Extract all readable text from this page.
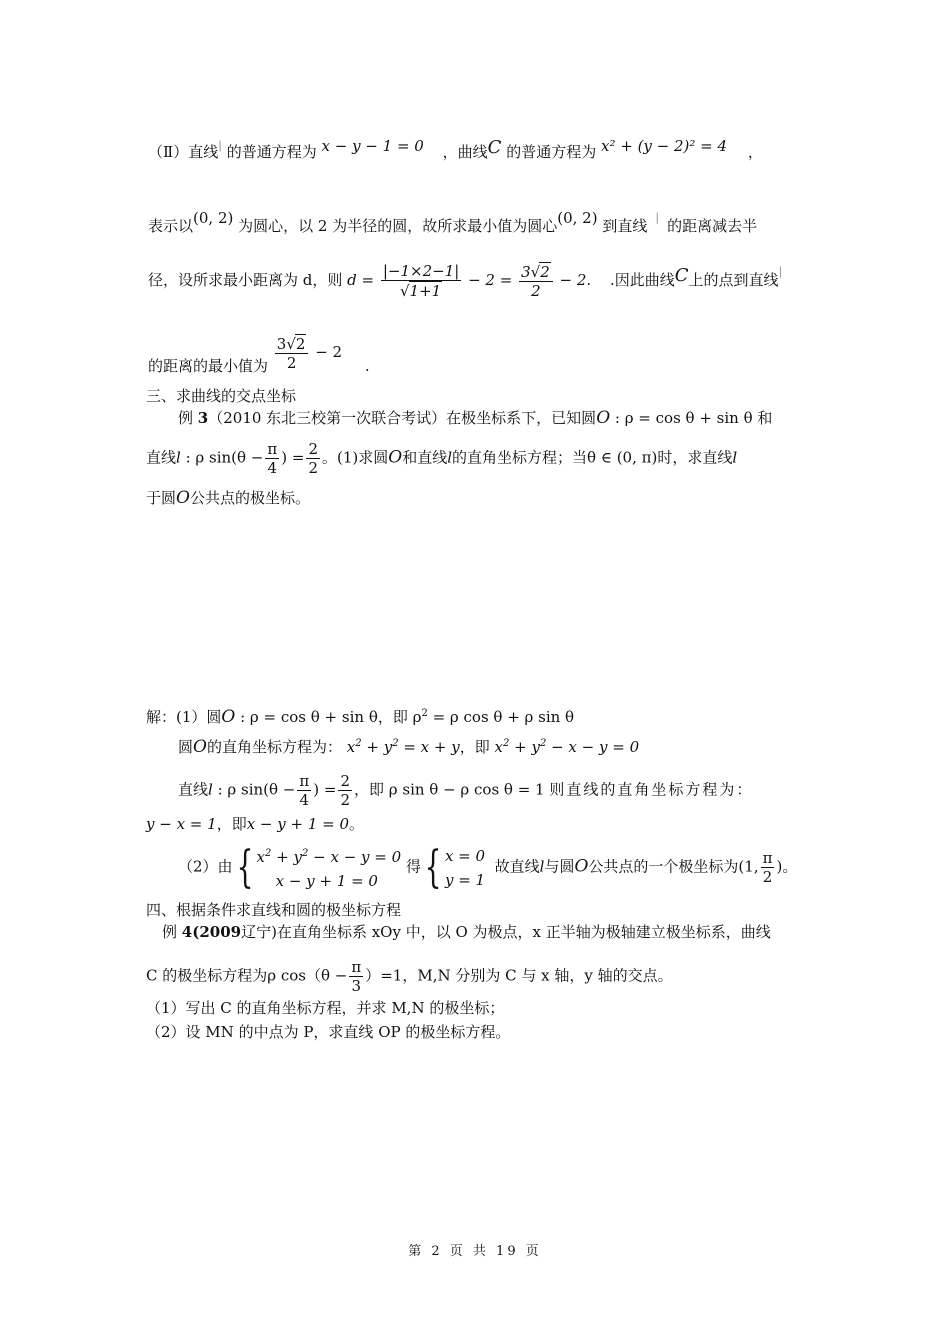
（Ⅱ）直线| 的普通方程为 x − y − 1 = 0 ，曲线C 的普通方程为 x² + (y − 2)² = 4 ，
表示以(0, 2) 为圆心，以 2 为半径的圆，故所求最小值为圆心(0, 2) 到直线 | 的距离减去半
径，设所求最小距离为 d，则 $d = \frac{|-1\times 2-1|}{√1+1} - 2 = \frac{3√2}{2} - 2$. .因此曲线C上的点到直线|
的距离的最小值为 $\frac{3√2}{2} - 2$ .
三、求曲线的交点坐标
例 3（2010 东北三校第一次联合考试）在极坐标系下，已知圆O : ρ = cos θ + sin θ 和
直线l : ρ $\sin(\theta - \frac{\pi}{4}$ ) = $\frac{2}{2}$ 。(1)求圆O和直线l的直角坐标方程；当θ ∈ (0, π)时，求直线l
于圆O公共点的极坐标。
解：(1）圆O : ρ = cos θ + sin θ，即 $\rho^2 = \rho$ cos θ + ρ sin θ
圆O的直角坐标方程为： $x^2 + y^2 = x + y$，即 $x^2 + y^2 - x - y = 0$
直线l : ρ $\sin(\theta - \frac{\pi}{4}$ ) = $\frac{2}{2}$ ，即 ρ sin θ − ρ cos θ = 1 则直线的直角坐标方程为：
y − x = 1，即x − y + 1 = 0。
（2）由{ $x^2 + y^2 - x - y = 0$
x − y + 1 = 0 得{ x = 0
y = 1  故直线l与圆O公共点的一个极坐标为(1, $\frac{\pi}{2}$ )。
四、根据条件求直线和圆的极坐标方程
例 4(2009辽宁)在直角坐标系 xOy 中，以 O 为极点，x 正半轴为极轴建立极坐标系，曲线
C 的极坐标方程为ρ $\cos(\theta - \frac{\pi}{3} )=1$，M,N 分别为 C 与 x 轴，y 轴的交点。
（1）写出 C 的直角坐标方程，并求 M,N 的极坐标；
（2）设 MN 的中点为 P，求直线 OP 的极坐标方程。
第 2 页 共 19 页
